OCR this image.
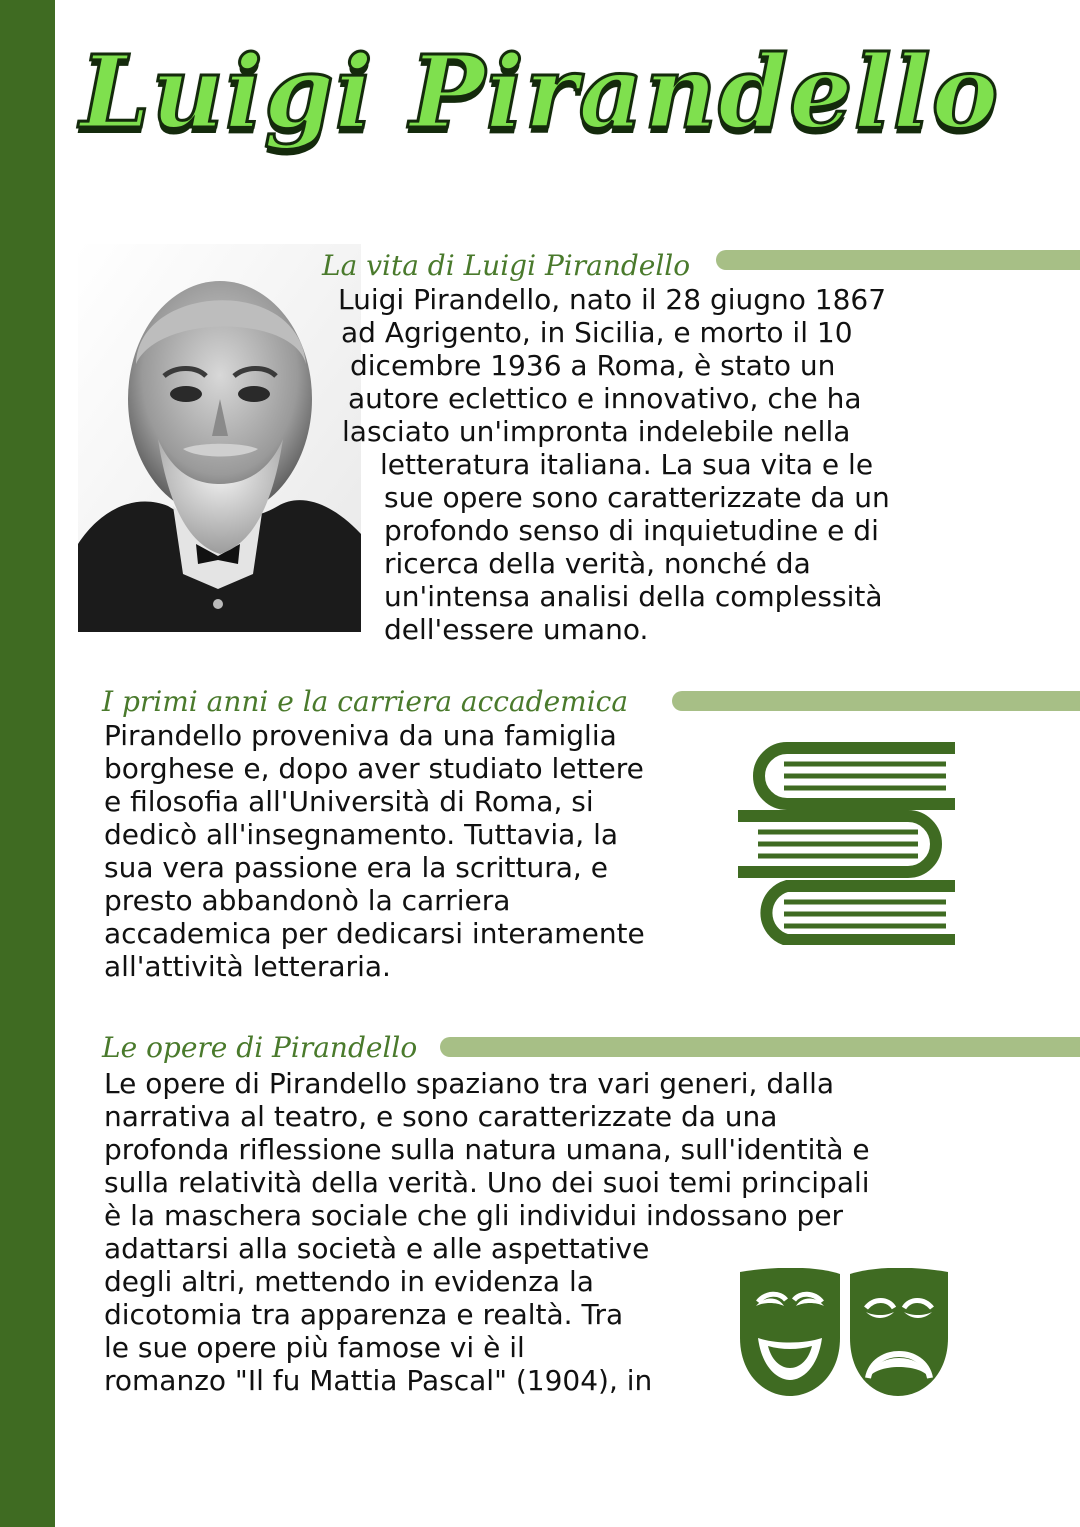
Luigi Pirandello
La vita di Luigi Pirandello

Luigi Pirandello, nato il 28 giugno 1867

ad Agrigento, in Sicilia, e morto il 10

dicembre 1936 a Roma, è stato un

autore eclettico e innovativo, che ha

lasciato un'impronta indelebile nella

letteratura italiana. La sua vita e le

sue opere sono caratterizzate da un

profondo senso di inquietudine e di

ricerca della verità, nonché da

un'intensa analisi della complessità

dell'essere umano.

I primi anni e la carriera accademica

Pirandello proveniva da una famiglia

borghese e, dopo aver studiato lettere

e filosofia all'Università di Roma, si

dedicò all'insegnamento. Tuttavia, la

sua vera passione era la scrittura, e

presto abbandonò la carriera

accademica per dedicarsi interamente

all'attività letteraria.

Le opere di Pirandello

Le opere di Pirandello spaziano tra vari generi, dalla

narrativa al teatro, e sono caratterizzate da una

profonda riflessione sulla natura umana, sull'identità e

sulla relatività della verità. Uno dei suoi temi principali

è la maschera sociale che gli individui indossano per

adattarsi alla società e alle aspettative

degli altri, mettendo in evidenza la

dicotomia tra apparenza e realtà. Tra

le sue opere più famose vi è il

romanzo "Il fu Mattia Pascal" (1904), in
